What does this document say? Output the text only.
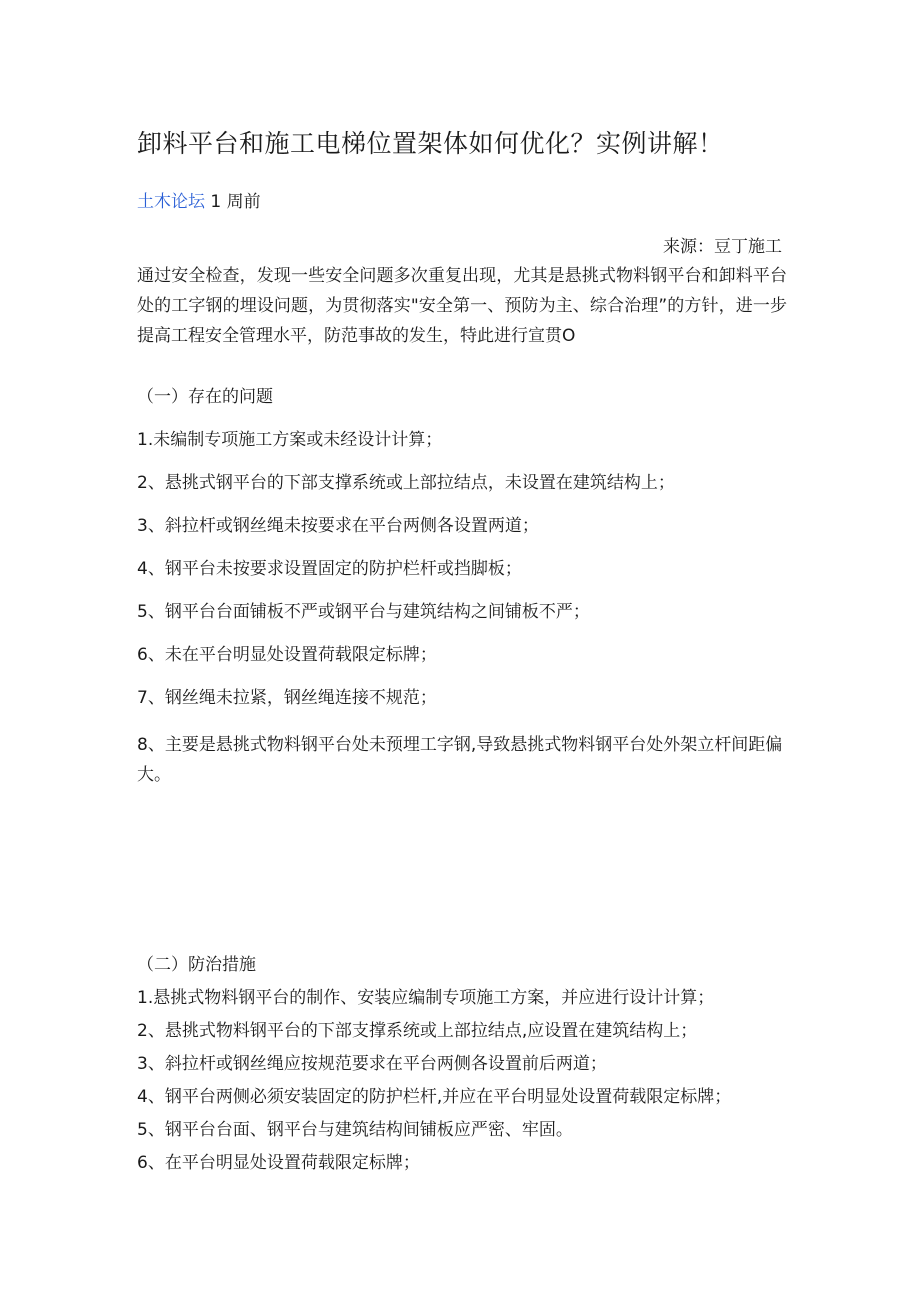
卸料平台和施工电梯位置架体如何优化？实例讲解！
土木论坛 1 周前
来源：豆丁施工

通过安全检查，发现一些安全问题多次重复出现，尤其是悬挑式物料钢平台和卸料平台处的工字钢的埋设问题，为贯彻落实"安全第一、预防为主、综合治理”的方针，进一步提高工程安全管理水平，防范事故的发生，特此进行宣贯O

（一）存在的问题

1.未编制专项施工方案或未经设计计算；

2、悬挑式钢平台的下部支撑系统或上部拉结点，未设置在建筑结构上；

3、斜拉杆或钢丝绳未按要求在平台两侧各设置两道；

4、钢平台未按要求设置固定的防护栏杆或挡脚板；

5、钢平台台面铺板不严或钢平台与建筑结构之间铺板不严；

6、未在平台明显处设置荷载限定标牌；

7、钢丝绳未拉紧，钢丝绳连接不规范；

8、主要是悬挑式物料钢平台处未预埋工字钢,导致悬挑式物料钢平台处外架立杆间距偏大。

（二）防治措施

1.悬挑式物料钢平台的制作、安装应编制专项施工方案，并应进行设计计算；

2、悬挑式物料钢平台的下部支撑系统或上部拉结点,应设置在建筑结构上；

3、斜拉杆或钢丝绳应按规范要求在平台两侧各设置前后两道；

4、钢平台两侧必须安装固定的防护栏杆,并应在平台明显处设置荷载限定标牌；

5、钢平台台面、钢平台与建筑结构间铺板应严密、牢固。

6、在平台明显处设置荷载限定标牌；
